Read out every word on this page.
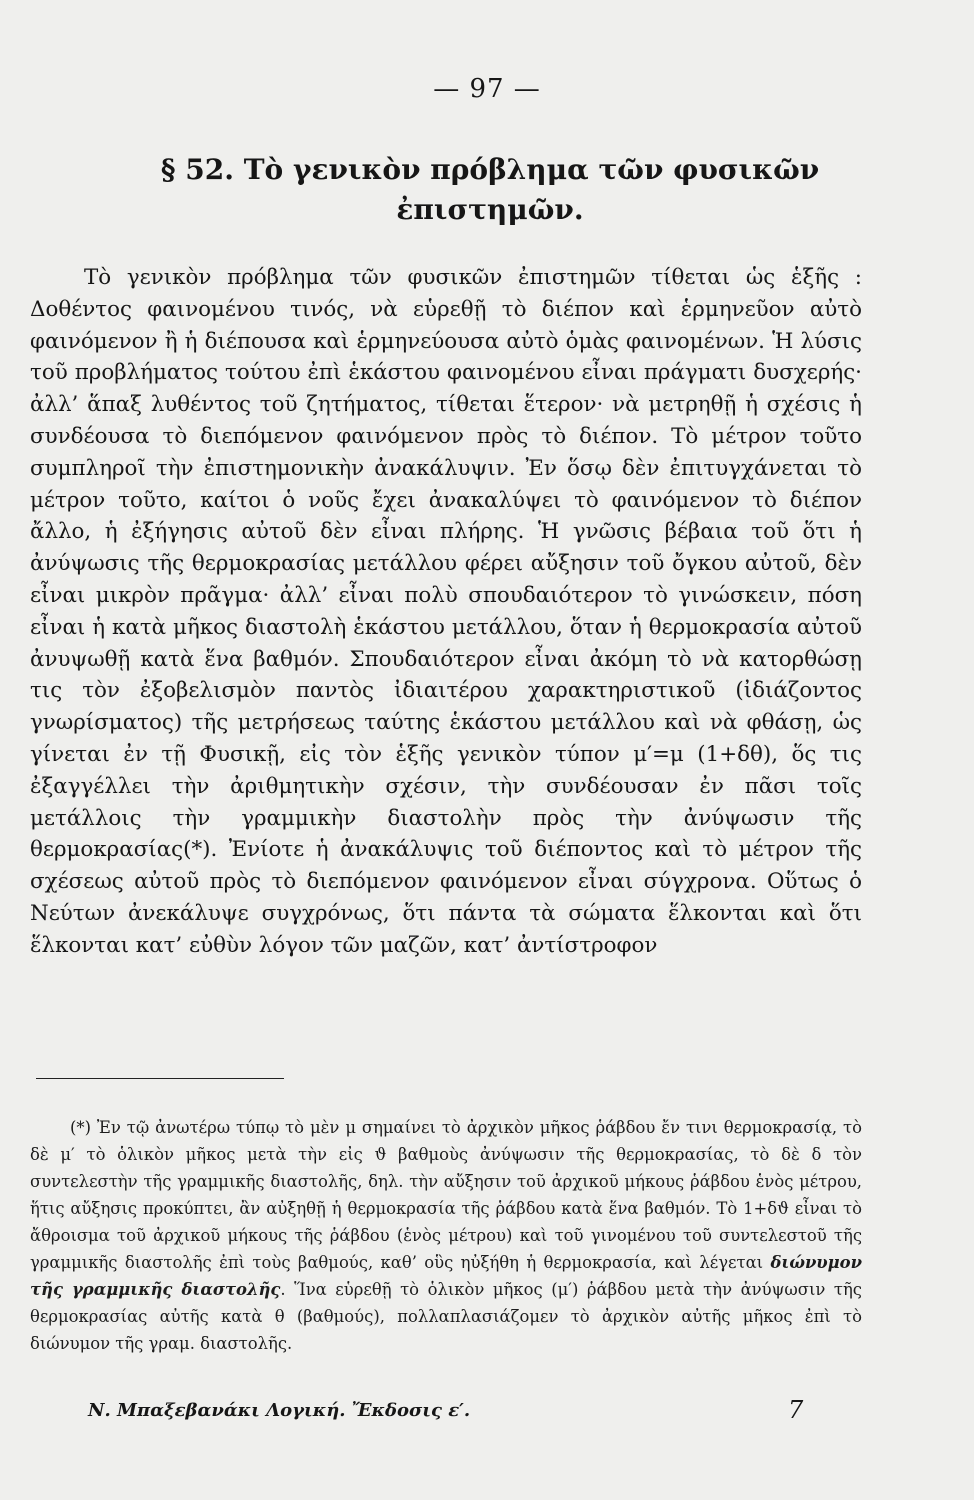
— 97 —
§ 52. Τὸ γενικὸν πρόβλημα τῶν φυσικῶν ἐπιστημῶν.

Τὸ γενικὸν πρόβλημα τῶν φυσικῶν ἐπιστημῶν τίθεται ὡς ἑξῆς : Δοθέντος φαινομένου τινός, νὰ εὑρεθῇ τὸ διέπον καὶ ἑρμηνεῦον αὐτὸ φαινόμενον ἢ ἡ διέπουσα καὶ ἑρμηνεύουσα αὐτὸ ὁμὰς φαινομένων. Ἡ λύσις τοῦ προβλήματος τούτου ἐπὶ ἑκάστου φαινομένου εἶναι πράγματι δυσχερής· ἀλλ’ ἅπαξ λυθέντος τοῦ ζητήματος, τίθεται ἕτερον· νὰ μετρηθῇ ἡ σχέσις ἡ συνδέουσα τὸ διεπόμενον φαινόμενον πρὸς τὸ διέπον. Τὸ μέτρον τοῦτο συμπληροῖ τὴν ἐπιστημονικὴν ἀνακάλυψιν. Ἐν ὅσῳ δὲν ἐπιτυγχάνεται τὸ μέτρον τοῦτο, καίτοι ὁ νοῦς ἔχει ἀνακαλύψει τὸ φαινόμενον τὸ διέπον ἄλλο, ἡ ἐξήγησις αὐτοῦ δὲν εἶναι πλήρης. Ἡ γνῶσις βέβαια τοῦ ὅτι ἡ ἀνύψωσις τῆς θερμοκρασίας μετάλλου φέρει αὔξησιν τοῦ ὄγκου αὐτοῦ, δὲν εἶναι μικρὸν πρᾶγμα· ἀλλ’ εἶναι πολὺ σπουδαιότερον τὸ γινώσκειν, πόση εἶναι ἡ κατὰ μῆκος διαστολὴ ἑκάστου μετάλλου, ὅταν ἡ θερμοκρασία αὐτοῦ ἀνυψωθῇ κατὰ ἕνα βαθμόν. Σπουδαιότερον εἶναι ἀκόμη τὸ νὰ κατορθώσῃ τις τὸν ἐξοβελισμὸν παντὸς ἰδιαιτέρου χαρακτηριστικοῦ (ἰδιάζοντος γνωρίσματος) τῆς μετρήσεως ταύτης ἑκάστου μετάλλου καὶ νὰ φθάσῃ, ὡς γίνεται ἐν τῇ Φυσικῇ, εἰς τὸν ἑξῆς γενικὸν τύπον μ′=μ (1+δθ), ὅς τις ἐξαγγέλλει τὴν ἀριθμητικὴν σχέσιν, τὴν συνδέουσαν ἐν πᾶσι τοῖς μετάλλοις τὴν γραμμικὴν διαστολὴν πρὸς τὴν ἀνύψωσιν τῆς θερμοκρασίας(*). Ἐνίοτε ἡ ἀνακάλυψις τοῦ διέποντος καὶ τὸ μέτρον τῆς σχέσεως αὐτοῦ πρὸς τὸ διεπόμενον φαινόμενον εἶναι σύγχρονα. Οὕτως ὁ Νεύτων ἀνεκάλυψε συγχρόνως, ὅτι πάντα τὰ σώματα ἕλκονται καὶ ὅτι ἕλκονται κατ’ εὐθὺν λόγον τῶν μαζῶν, κατ’ ἀντίστροφον

(*) Ἐν τῷ ἀνωτέρω τύπῳ τὸ μὲν μ σημαίνει τὸ ἀρχικὸν μῆκος ῥάβδου ἔν τινι θερμοκρασίᾳ, τὸ δὲ μ′ τὸ ὁλικὸν μῆκος μετὰ τὴν εἰς ϑ βαθμοὺς ἀνύψωσιν τῆς θερμοκρασίας, τὸ δὲ δ τὸν συντελεστὴν τῆς γραμμικῆς διαστολῆς, δηλ. τὴν αὔξησιν τοῦ ἀρχικοῦ μήκους ῥάβδου ἑνὸς μέτρου, ἥτις αὔξησις προκύπτει, ἂν αὐξηθῇ ἡ θερμοκρασία τῆς ῥάβδου κατὰ ἕνα βαθμόν. Τὸ 1+δϑ εἶναι τὸ ἄθροισμα τοῦ ἀρχικοῦ μήκους τῆς ῥάβδου (ἑνὸς μέτρου) καὶ τοῦ γινομένου τοῦ συντελεστοῦ τῆς γραμμικῆς διαστολῆς ἐπὶ τοὺς βαθμούς, καθ’ οὓς ηὐξήθη ἡ θερμοκρασία, καὶ λέγεται διώνυμον τῆς γραμμικῆς διαστολῆς. Ἵνα εὑρεθῇ τὸ ὁλικὸν μῆκος (μ′) ῥάβδου μετὰ τὴν ἀνύψωσιν τῆς θερμοκρασίας αὐτῆς κατὰ θ (βαθμούς), πολλαπλασιάζομεν τὸ ἀρχικὸν αὐτῆς μῆκος ἐπὶ τὸ διώνυμον τῆς γραμ. διαστολῆς.

Ν. Μπαξεβανάκι Λογική. Ἔκδοσις ε′.	7
